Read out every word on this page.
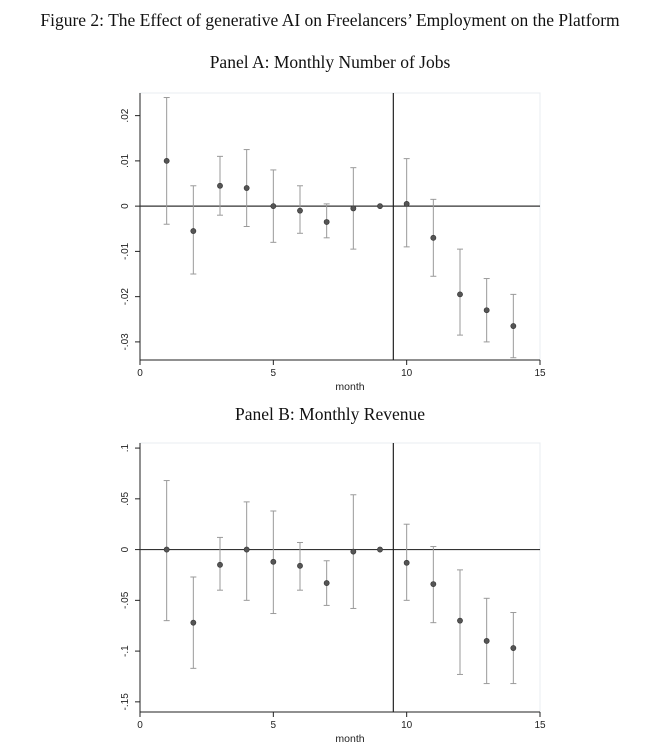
Figure 2: The Effect of generative AI on Freelancers’ Employment on the Platform
Panel A: Monthly Number of Jobs
.02
.01
0
-.01
-.02
-.03
0	5	10	15
month
Panel B: Monthly Revenue
.1
.05
0
-.05
-.1
-.15
0	5	10	15
month
